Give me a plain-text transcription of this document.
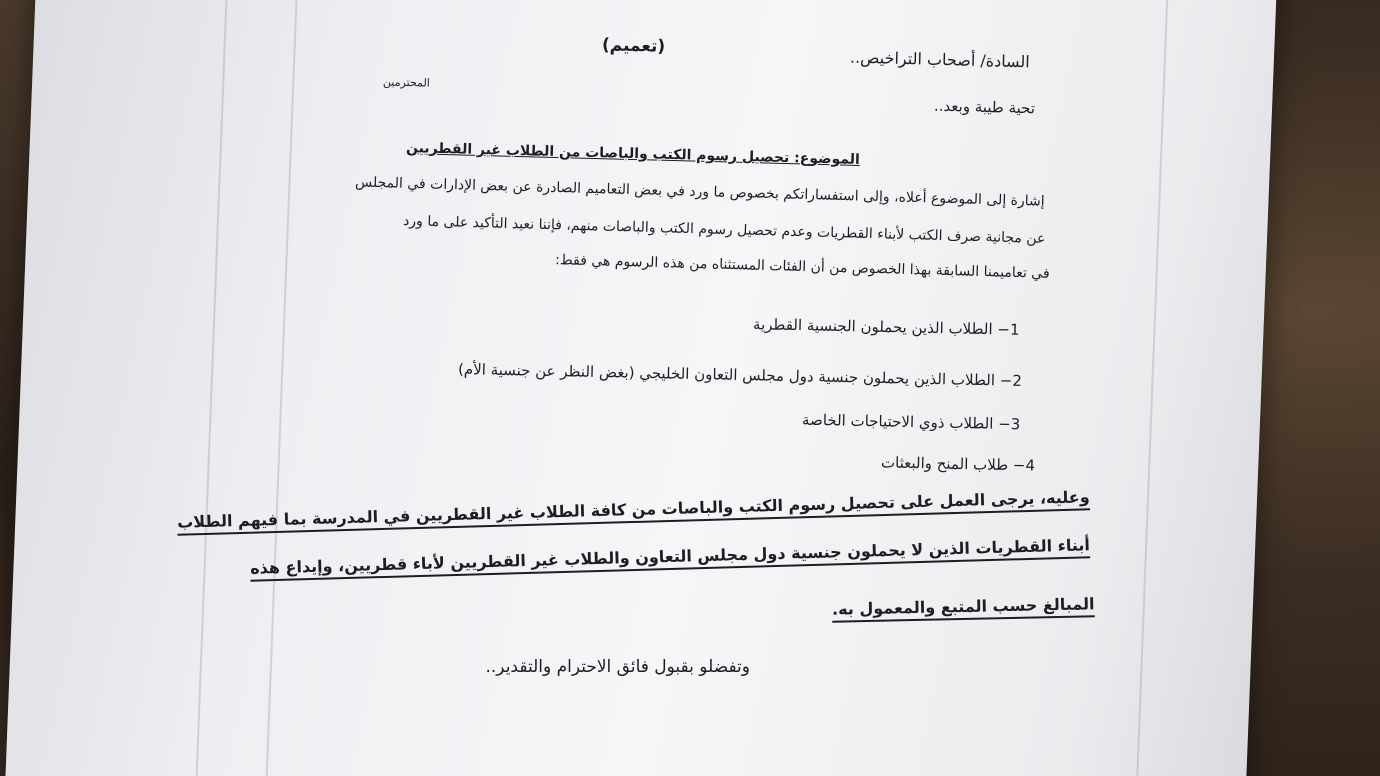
(تعميم)

السادة/ أصحاب التراخيص..

المحترمين

تحية طيبة وبعد..

الموضوع: تحصيل رسوم الكتب والباصات من الطلاب غير القطريين

إشارة إلى الموضوع أعلاه، وإلى استفساراتكم بخصوص ما ورد في بعض التعاميم الصادرة عن بعض الإدارات في المجلس

عن مجانية صرف الكتب لأبناء القطريات وعدم تحصيل رسوم الكتب والباصات منهم، فإننا نعيد التأكيد على ما ورد

في تعاميمنا السابقة بهذا الخصوص من أن الفئات المستثناه من هذه الرسوم هي فقط:

1− الطلاب الذين يحملون الجنسية القطرية

2− الطلاب الذين يحملون جنسية دول مجلس التعاون الخليجي (بغض النظر عن جنسية الأم)

3− الطلاب ذوي الاحتياجات الخاصة

4− طلاب المنح والبعثات

وعليه، يرجى العمل على تحصيل رسوم الكتب والباصات من كافة الطلاب غير القطريين في المدرسة بما فيهم الطلاب

أبناء القطريات الذين لا يحملون جنسية دول مجلس التعاون والطلاب غير القطريين لأباء قطريين، وإيداع هذه

المبالغ حسب المتبع والمعمول به.

وتفضلو بقبول فائق الاحترام والتقدير..
